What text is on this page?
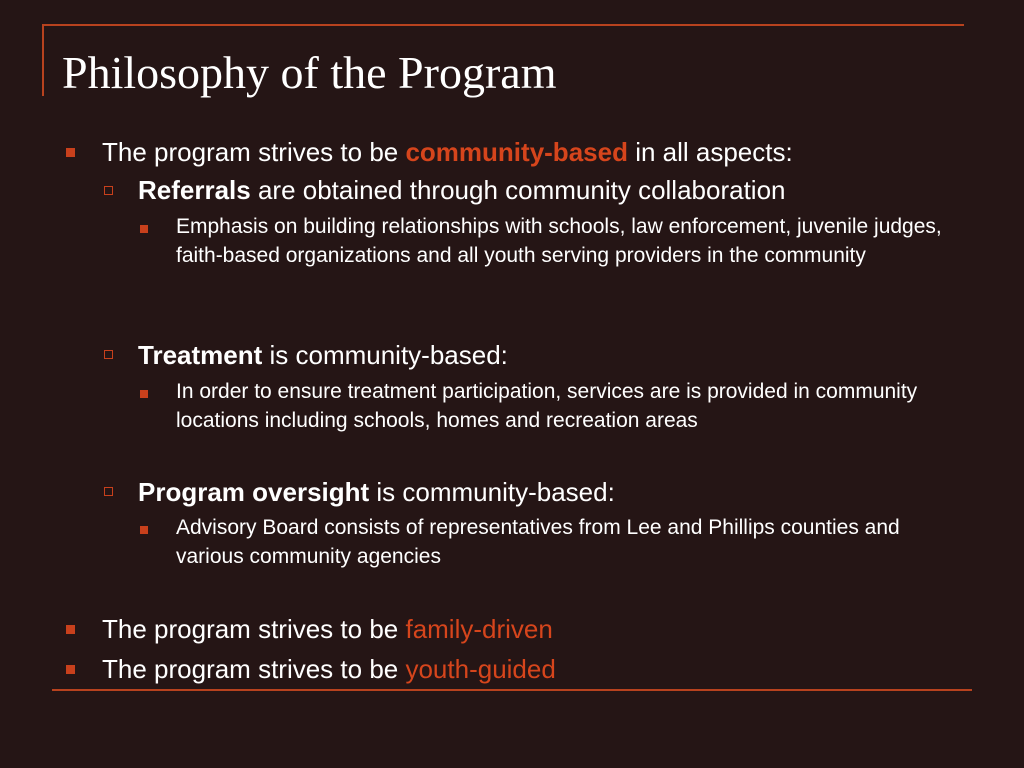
Philosophy of the Program
The program strives to be community-based in all aspects:
Referrals are obtained through community collaboration
Emphasis on building relationships with schools, law enforcement, juvenile judges, faith-based organizations and all youth serving providers in the community
Treatment is community-based:
In order to ensure treatment participation, services are is provided in community locations including schools, homes and recreation areas
Program oversight is community-based:
Advisory Board consists of representatives from Lee and Phillips counties and various community agencies
The program strives to be family-driven
The program strives to be youth-guided
